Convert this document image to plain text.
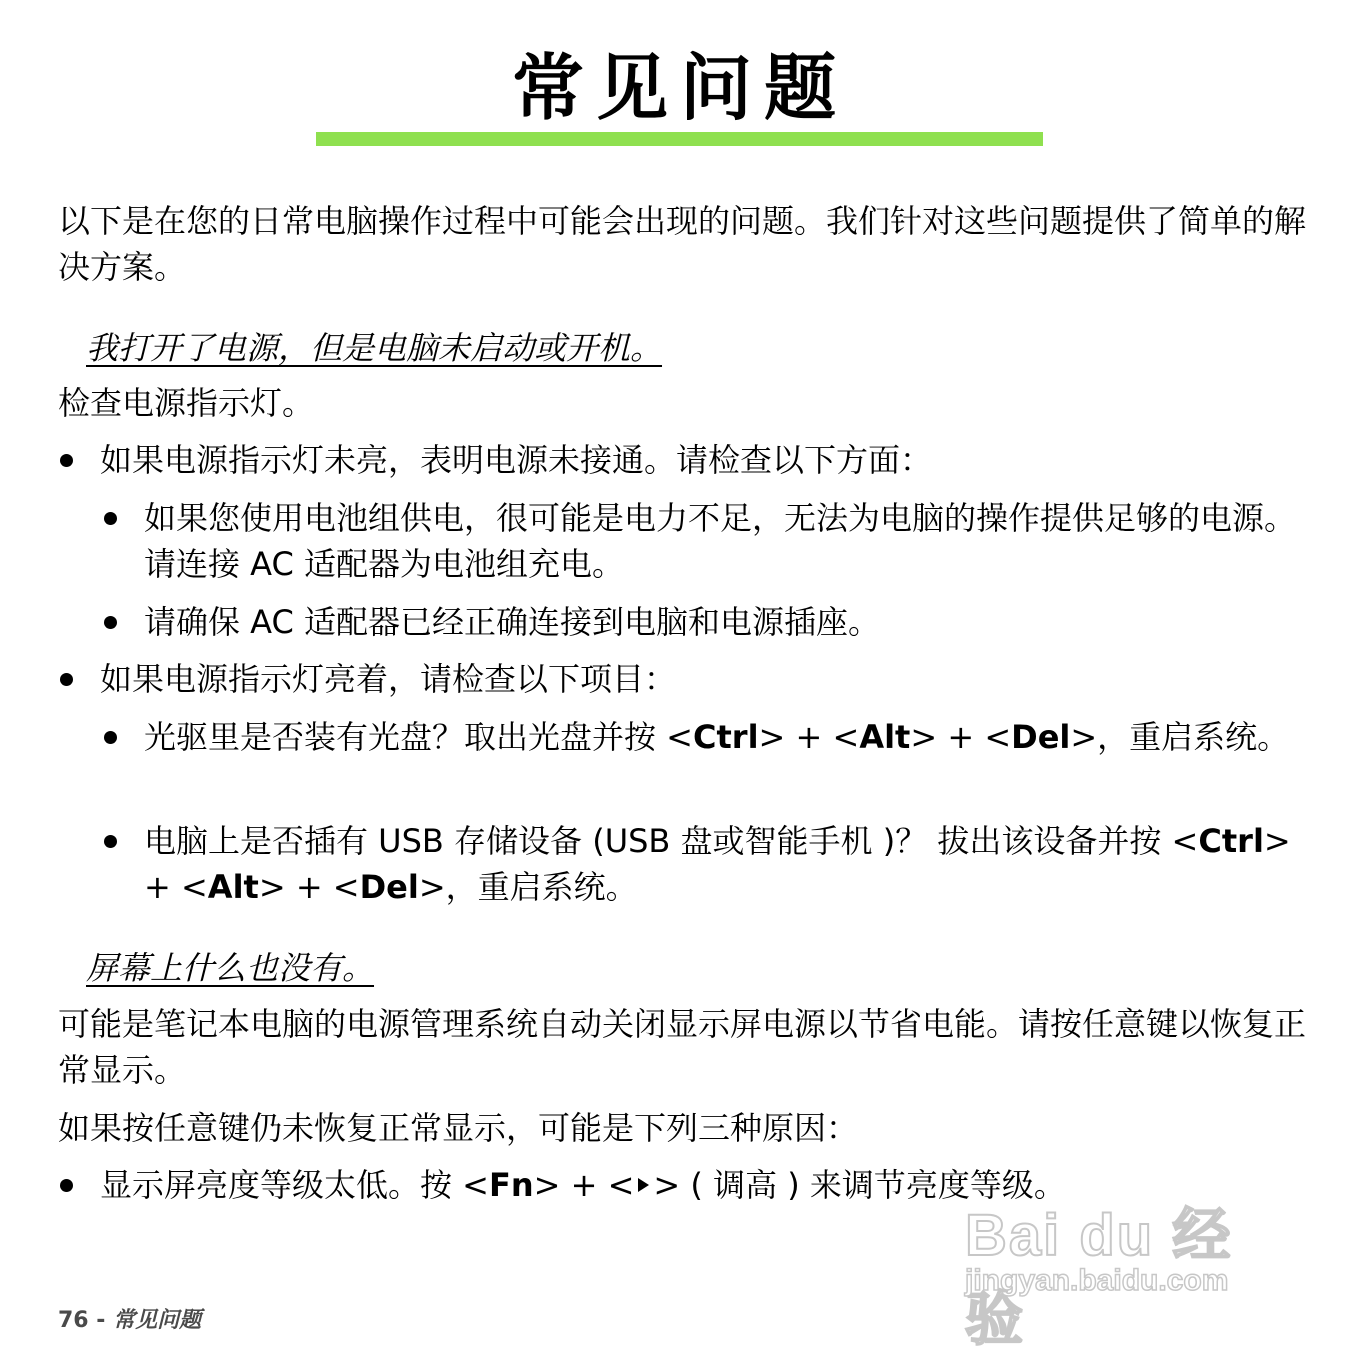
常见问题
以下是在您的日常电脑操作过程中可能会出现的问题。我们针对这些问题提供了简单的解决方案。
我打开了电源，但是电脑未启动或开机。
检查电源指示灯。
如果电源指示灯未亮，表明电源未接通。请检查以下方面：
如果您使用电池组供电，很可能是电力不足，无法为电脑的操作提供足够的电源。请连接 AC 适配器为电池组充电。
请确保 AC 适配器已经正确连接到电脑和电源插座。
如果电源指示灯亮着，请检查以下项目：
光驱里是否装有光盘？取出光盘并按 <Ctrl> + <Alt> + <Del>，重启系统。
电脑上是否插有 USB 存储设备 (USB 盘或智能手机 )？ 拔出该设备并按 <Ctrl> + <Alt> + <Del>，重启系统。
屏幕上什么也没有。
可能是笔记本电脑的电源管理系统自动关闭显示屏电源以节省电能。请按任意键以恢复正常显示。
如果按任意键仍未恢复正常显示，可能是下列三种原因：
显示屏亮度等级太低。按 <Fn> + < > ( 调高 ) 来调节亮度等级。
Bai du 经验
jingyan.baidu.com
76 - 常见问题
